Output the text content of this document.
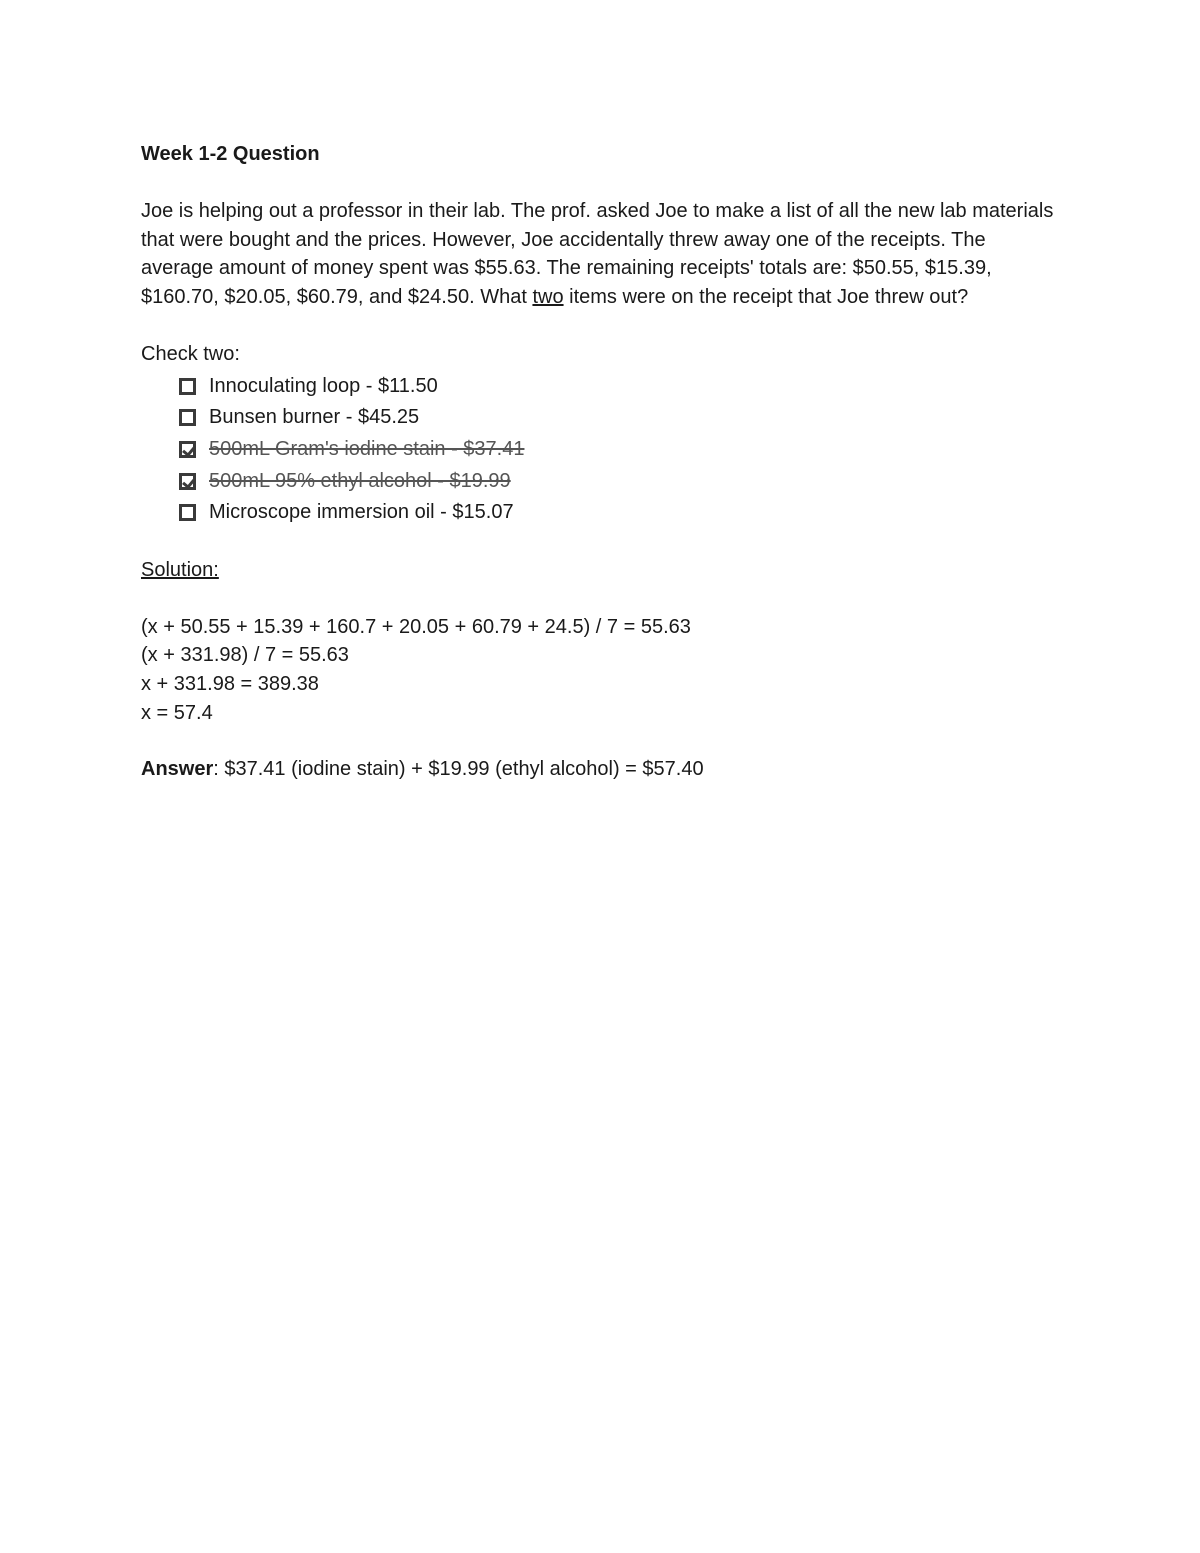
Week 1-2 Question
Joe is helping out a professor in their lab. The prof. asked Joe to make a list of all the new lab materials that were bought and the prices. However, Joe accidentally threw away one of the receipts. The average amount of money spent was $55.63. The remaining receipts' totals are: $50.55, $15.39, $160.70, $20.05, $60.79, and $24.50. What two items were on the receipt that Joe threw out?
Check two:
Innoculating loop - $11.50
Bunsen burner - $45.25
500mL Gram's iodine stain - $37.41
500mL 95% ethyl alcohol - $19.99
Microscope immersion oil - $15.07
Solution:
(x + 50.55 + 15.39 + 160.7 + 20.05 + 60.79 + 24.5) / 7 = 55.63
(x + 331.98) / 7 = 55.63
x + 331.98 = 389.38
x = 57.4
Answer: $37.41 (iodine stain) + $19.99 (ethyl alcohol) = $57.40
